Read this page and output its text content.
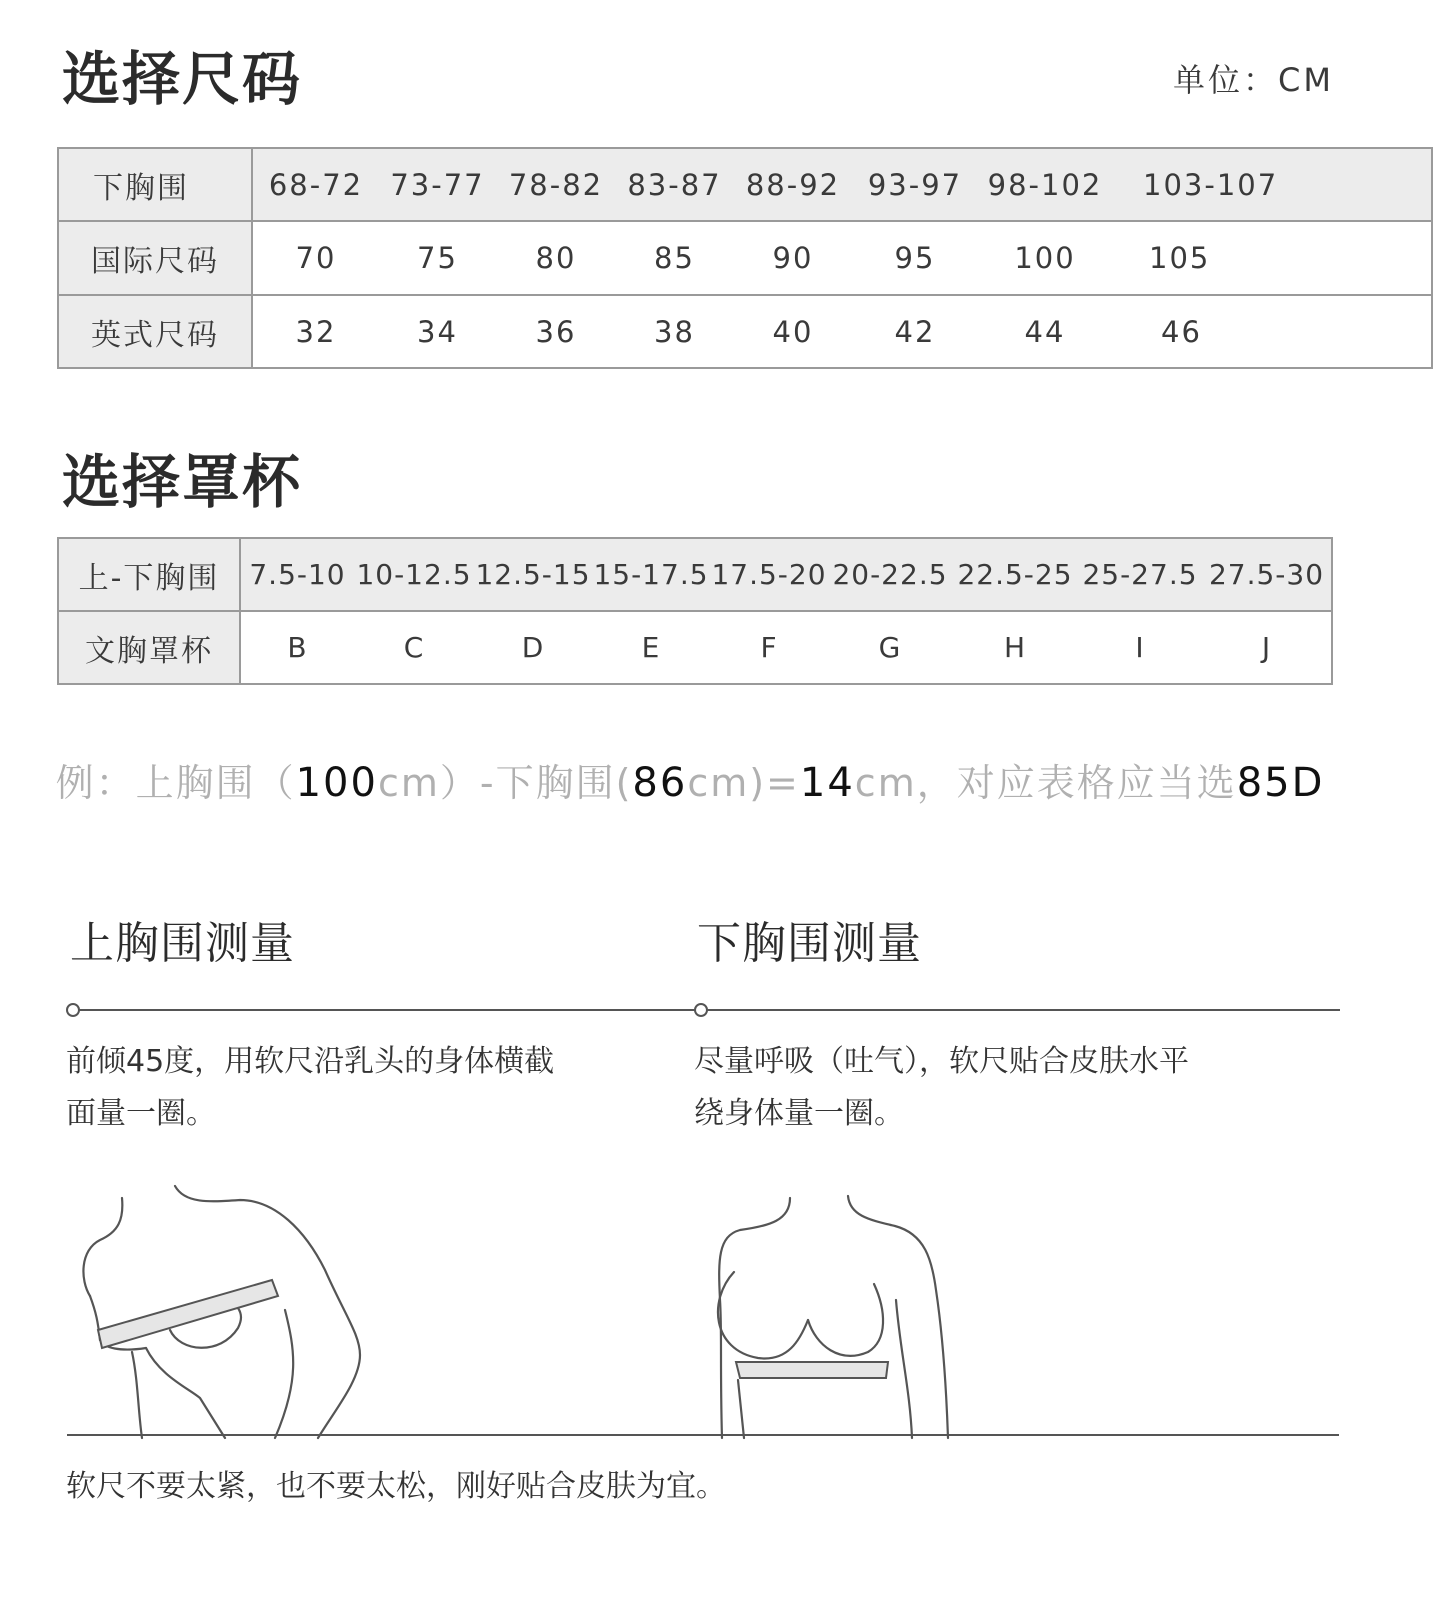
选择尺码	单位：CM
下胸围	68-72	73-77	78-82	83-87	88-92	93-97	98-102	103-107
国际尺码	70	75	80	85	90	95	100	105
英式尺码	32	34	36	38	40	42	44	46
选择罩杯
上-下胸围	7.5-10	10-12.5	12.5-15	15-17.5	17.5-20	20-22.5	22.5-25	25-27.5	27.5-30
文胸罩杯	B	C	D	E	F	G	H	I	J
例：上胸围（100cm）-下胸围(86cm)=14cm，对应表格应当选85D
上胸围测量	下胸围测量
前倾45度，用软尺沿乳头的身体横截
面量一圈。
尽量呼吸（吐气），软尺贴合皮肤水平
绕身体量一圈。
软尺不要太紧，也不要太松，刚好贴合皮肤为宜。
